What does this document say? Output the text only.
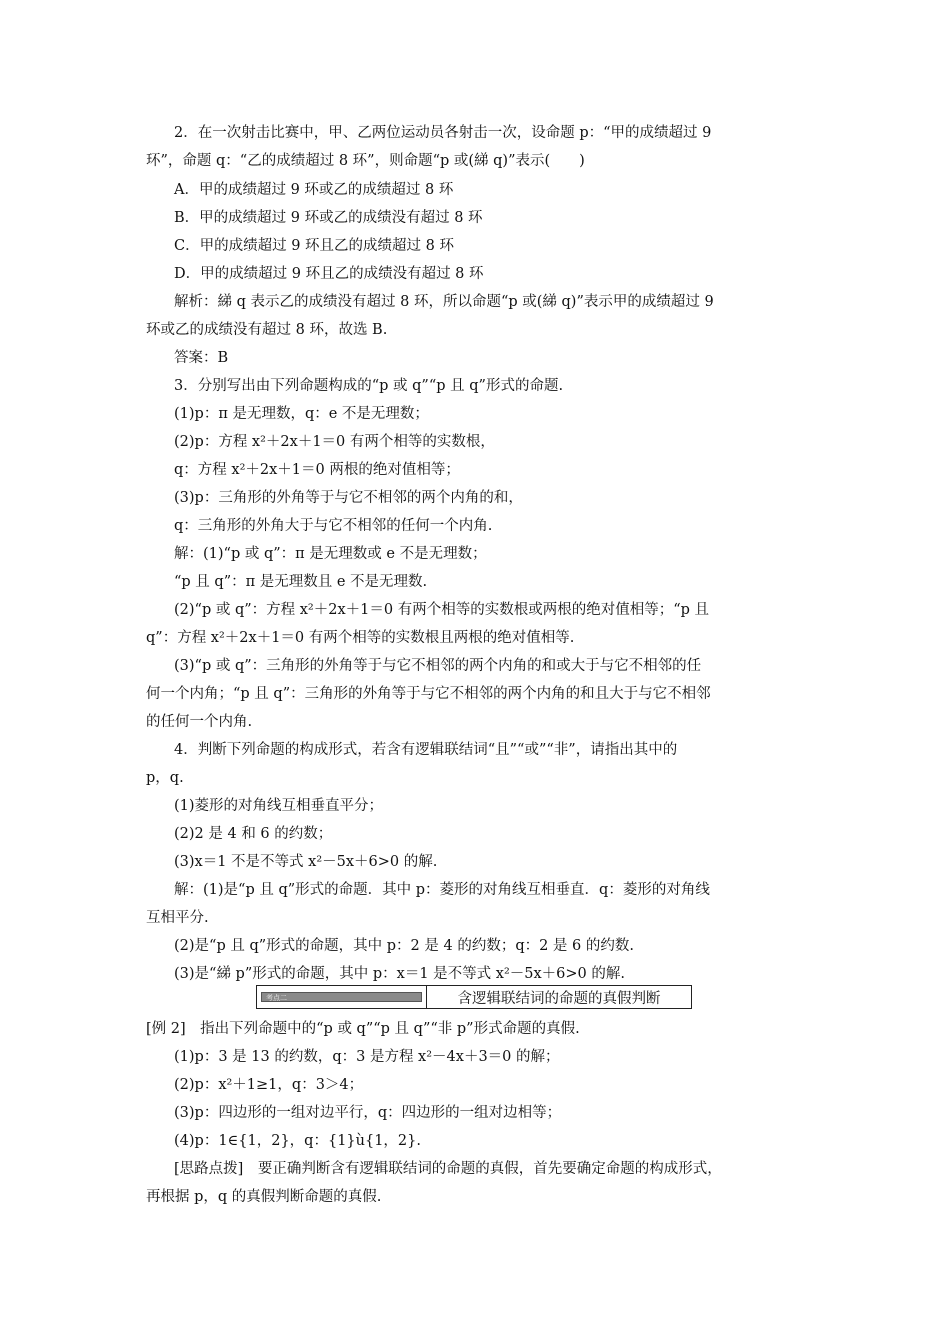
2．在一次射击比赛中，甲、乙两位运动员各射击一次，设命题 p：“甲的成绩超过 9
环”，命题 q：“乙的成绩超过 8 环”，则命题“p 或(綈 q)”表示(　　)
A．甲的成绩超过 9 环或乙的成绩超过 8 环
B．甲的成绩超过 9 环或乙的成绩没有超过 8 环
C．甲的成绩超过 9 环且乙的成绩超过 8 环
D．甲的成绩超过 9 环且乙的成绩没有超过 8 环
解析：綈 q 表示乙的成绩没有超过 8 环，所以命题“p 或(綈 q)”表示甲的成绩超过 9
环或乙的成绩没有超过 8 环，故选 B.
答案：B
3．分别写出由下列命题构成的“p 或 q”“p 且 q”形式的命题.
(1)p：π 是无理数，q：e 不是无理数；
(2)p：方程 x²＋2x＋1＝0 有两个相等的实数根，
q：方程 x²＋2x＋1＝0 两根的绝对值相等；
(3)p：三角形的外角等于与它不相邻的两个内角的和，
q：三角形的外角大于与它不相邻的任何一个内角.
解：(1)“p 或 q”：π 是无理数或 e 不是无理数；
“p 且 q”：π 是无理数且 e 不是无理数.
(2)“p 或 q”：方程 x²＋2x＋1＝0 有两个相等的实数根或两根的绝对值相等；“p 且
q”：方程 x²＋2x＋1＝0 有两个相等的实数根且两根的绝对值相等.
(3)“p 或 q”：三角形的外角等于与它不相邻的两个内角的和或大于与它不相邻的任
何一个内角；“p 且 q”：三角形的外角等于与它不相邻的两个内角的和且大于与它不相邻
的任何一个内角.
4．判断下列命题的构成形式，若含有逻辑联结词“且”“或”“非”，请指出其中的
p，q.
(1)菱形的对角线互相垂直平分；
(2)2 是 4 和 6 的约数；
(3)x＝1 不是不等式 x²－5x＋6>0 的解.
解：(1)是“p 且 q”形式的命题．其中 p：菱形的对角线互相垂直．q：菱形的对角线
互相平分.
(2)是“p 且 q”形式的命题，其中 p：2 是 4 的约数；q：2 是 6 的约数.
(3)是“綈 p”形式的命题，其中 p：x＝1 是不等式 x²－5x＋6>0 的解.
考点二	含逻辑联结词的命题的真假判断
[例 2]　指出下列命题中的“p 或 q”“p 且 q”“非 p”形式命题的真假.
(1)p：3 是 13 的约数，q：3 是方程 x²－4x＋3＝0 的解；
(2)p：x²＋1≥1，q：3＞4；
(3)p：四边形的一组对边平行，q：四边形的一组对边相等；
(4)p：1∈{1，2}，q：{1}ù{1，2}.
[思路点拨]　要正确判断含有逻辑联结词的命题的真假，首先要确定命题的构成形式，
再根据 p，q 的真假判断命题的真假.
